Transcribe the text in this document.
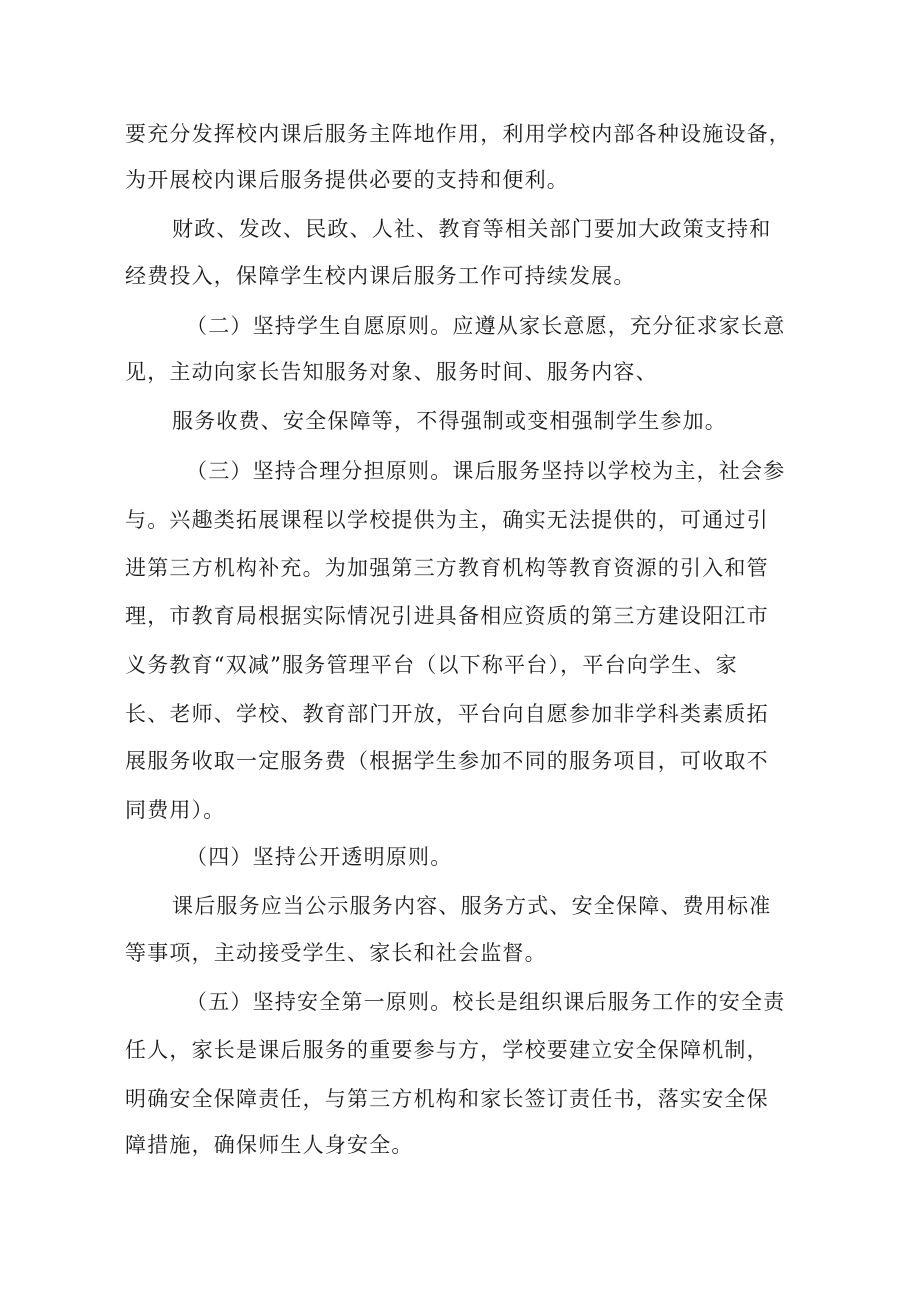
要充分发挥校内课后服务主阵地作用，利用学校内部各种设施设备，
为开展校内课后服务提供必要的支持和便利。
财政、发改、民政、人社、教育等相关部门要加大政策支持和
经费投入，保障学生校内课后服务工作可持续发展。
（二）坚持学生自愿原则。应遵从家长意愿，充分征求家长意
见，主动向家长告知服务对象、服务时间、服务内容、
服务收费、安全保障等，不得强制或变相强制学生参加。
（三）坚持合理分担原则。课后服务坚持以学校为主，社会参
与。兴趣类拓展课程以学校提供为主，确实无法提供的，可通过引
进第三方机构补充。为加强第三方教育机构等教育资源的引入和管
理，市教育局根据实际情况引进具备相应资质的第三方建设阳江市
义务教育“双减”服务管理平台（以下称平台），平台向学生、家
长、老师、学校、教育部门开放，平台向自愿参加非学科类素质拓
展服务收取一定服务费（根据学生参加不同的服务项目，可收取不
同费用）。
（四）坚持公开透明原则。
课后服务应当公示服务内容、服务方式、安全保障、费用标准
等事项，主动接受学生、家长和社会监督。
（五）坚持安全第一原则。校长是组织课后服务工作的安全责
任人，家长是课后服务的重要参与方，学校要建立安全保障机制，
明确安全保障责任，与第三方机构和家长签订责任书，落实安全保
障措施，确保师生人身安全。
